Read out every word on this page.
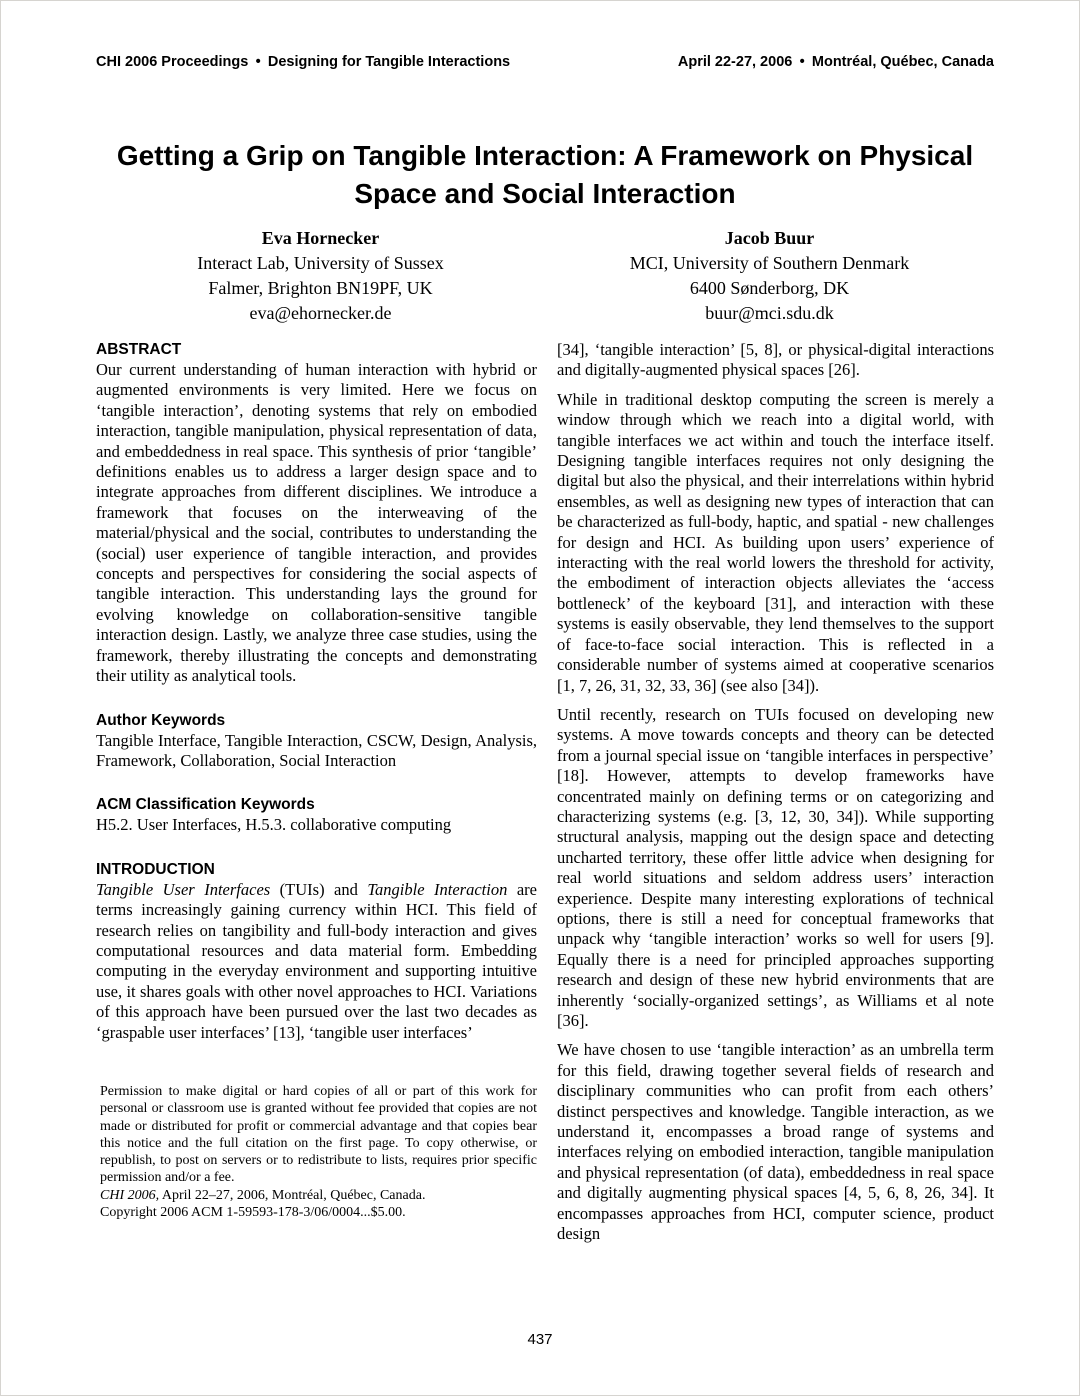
CHI 2006 Proceedings • Designing for Tangible Interactions	April 22-27, 2006 • Montréal, Québec, Canada
Getting a Grip on Tangible Interaction: A Framework on Physical Space and Social Interaction
Eva Hornecker
Interact Lab, University of Sussex
Falmer, Brighton BN19PF, UK
eva@ehornecker.de
Jacob Buur
MCI, University of Southern Denmark
6400 Sønderborg, DK
buur@mci.sdu.dk
ABSTRACT
Our current understanding of human interaction with hybrid or augmented environments is very limited. Here we focus on ‘tangible interaction’, denoting systems that rely on embodied interaction, tangible manipulation, physical representation of data, and embeddedness in real space. This synthesis of prior ‘tangible’ definitions enables us to address a larger design space and to integrate approaches from different disciplines. We introduce a framework that focuses on the interweaving of the material/physical and the social, contributes to understanding the (social) user experience of tangible interaction, and provides concepts and perspectives for considering the social aspects of tangible interaction. This understanding lays the ground for evolving knowledge on collaboration-sensitive tangible interaction design. Lastly, we analyze three case studies, using the framework, thereby illustrating the concepts and demonstrating their utility as analytical tools.
Author Keywords
Tangible Interface, Tangible Interaction, CSCW, Design, Analysis, Framework, Collaboration, Social Interaction
ACM Classification Keywords
H5.2. User Interfaces, H.5.3. collaborative computing
INTRODUCTION
Tangible User Interfaces (TUIs) and Tangible Interaction are terms increasingly gaining currency within HCI. This field of research relies on tangibility and full-body interaction and gives computational resources and data material form. Embedding computing in the everyday environment and supporting intuitive use, it shares goals with other novel approaches to HCI. Variations of this approach have been pursued over the last two decades as ‘graspable user interfaces’ [13], ‘tangible user interfaces’
Permission to make digital or hard copies of all or part of this work for personal or classroom use is granted without fee provided that copies are not made or distributed for profit or commercial advantage and that copies bear this notice and the full citation on the first page. To copy otherwise, or republish, to post on servers or to redistribute to lists, requires prior specific permission and/or a fee.
CHI 2006, April 22–27, 2006, Montréal, Québec, Canada.
Copyright 2006 ACM 1-59593-178-3/06/0004...$5.00.
[34], ‘tangible interaction’ [5, 8], or physical-digital interactions and digitally-augmented physical spaces [26].
While in traditional desktop computing the screen is merely a window through which we reach into a digital world, with tangible interfaces we act within and touch the interface itself. Designing tangible interfaces requires not only designing the digital but also the physical, and their interrelations within hybrid ensembles, as well as designing new types of interaction that can be characterized as full-body, haptic, and spatial - new challenges for design and HCI. As building upon users’ experience of interacting with the real world lowers the threshold for activity, the embodiment of interaction objects alleviates the ‘access bottleneck’ of the keyboard [31], and interaction with these systems is easily observable, they lend themselves to the support of face-to-face social interaction. This is reflected in a considerable number of systems aimed at cooperative scenarios [1, 7, 26, 31, 32, 33, 36] (see also [34]).
Until recently, research on TUIs focused on developing new systems. A move towards concepts and theory can be detected from a journal special issue on ‘tangible interfaces in perspective’ [18]. However, attempts to develop frameworks have concentrated mainly on defining terms or on categorizing and characterizing systems (e.g. [3, 12, 30, 34]). While supporting structural analysis, mapping out the design space and detecting uncharted territory, these offer little advice when designing for real world situations and seldom address users’ interaction experience. Despite many interesting explorations of technical options, there is still a need for conceptual frameworks that unpack why ‘tangible interaction’ works so well for users [9]. Equally there is a need for principled approaches supporting research and design of these new hybrid environments that are inherently ‘socially-organized settings’, as Williams et al note [36].
We have chosen to use ‘tangible interaction’ as an umbrella term for this field, drawing together several fields of research and disciplinary communities who can profit from each others’ distinct perspectives and knowledge. Tangible interaction, as we understand it, encompasses a broad range of systems and interfaces relying on embodied interaction, tangible manipulation and physical representation (of data), embeddedness in real space and digitally augmenting physical spaces [4, 5, 6, 8, 26, 34]. It encompasses approaches from HCI, computer science, product design
437
